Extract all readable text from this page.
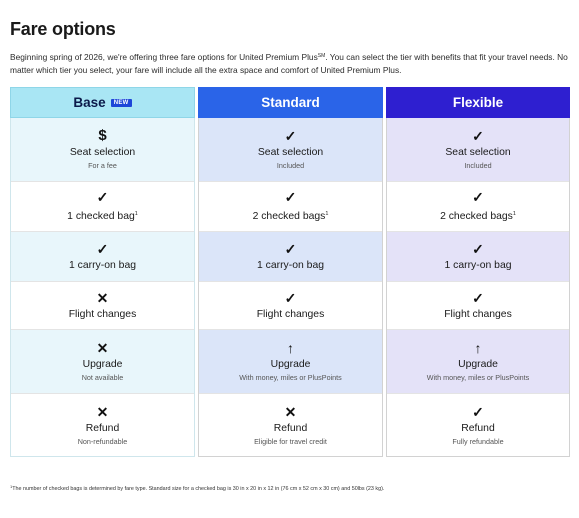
Fare options
Beginning spring of 2026, we're offering three fare options for United Premium Plus℠. You can select the tier with benefits that fit your travel needs. No matter which tier you select, your fare will include all the extra space and comfort of United Premium Plus.
Base	NEW
$
Seat selection
For a fee
✓
1 checked bag$^1$
✓
1 carry-on bag
✕
Flight changes
✕
Upgrade
Not available
✕
Refund
Non-refundable
Standard
✓
Seat selection
Included
✓
2 checked bags$^1$
✓
1 carry-on bag
✓
Flight changes
↑
Upgrade
With money, miles or PlusPoints
✕
Refund
Eligible for travel credit
Flexible
✓
Seat selection
Included
✓
2 checked bags$^1$
✓
1 carry-on bag
✓
Flight changes
↑
Upgrade
With money, miles or PlusPoints
✓
Refund
Fully refundable
$^1$The number of checked bags is determined by fare type. Standard size for a checked bag is 30 in x 20 in x 12 in (76 cm x 52 cm x 30 cm) and 50lbs (23 kg).
